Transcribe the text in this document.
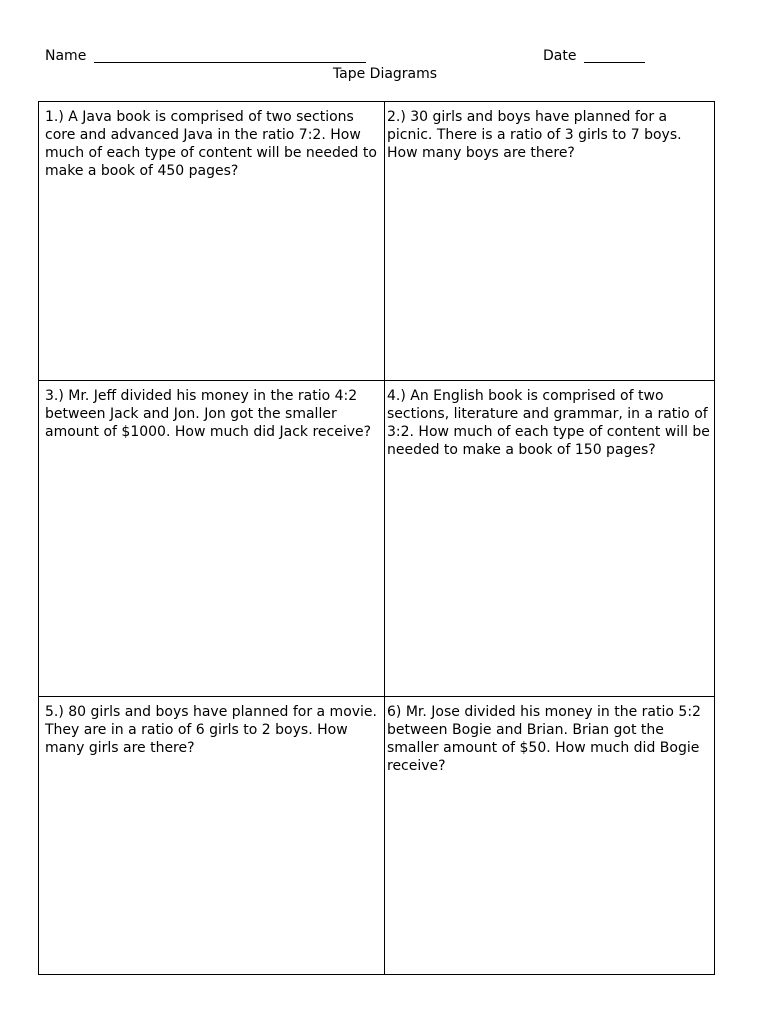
Name	Date
Tape Diagrams
1.) A Java book is comprised of two sections core and advanced Java in the ratio 7:2. How much of each type of content will be needed to make a book of 450 pages?
2.) 30 girls and boys have planned for a picnic. There is a ratio of 3 girls to 7 boys. How many boys are there?
3.) Mr. Jeff divided his money in the ratio 4:2 between Jack and Jon. Jon got the smaller amount of $1000. How much did Jack receive?
4.) An English book is comprised of two sections, literature and grammar, in a ratio of 3:2. How much of each type of content will be needed to make a book of 150 pages?
5.) 80 girls and boys have planned for a movie. They are in a ratio of 6 girls to 2 boys. How many girls are there?
6) Mr. Jose divided his money in the ratio 5:2 between Bogie and Brian. Brian got the smaller amount of $50. How much did Bogie receive?
